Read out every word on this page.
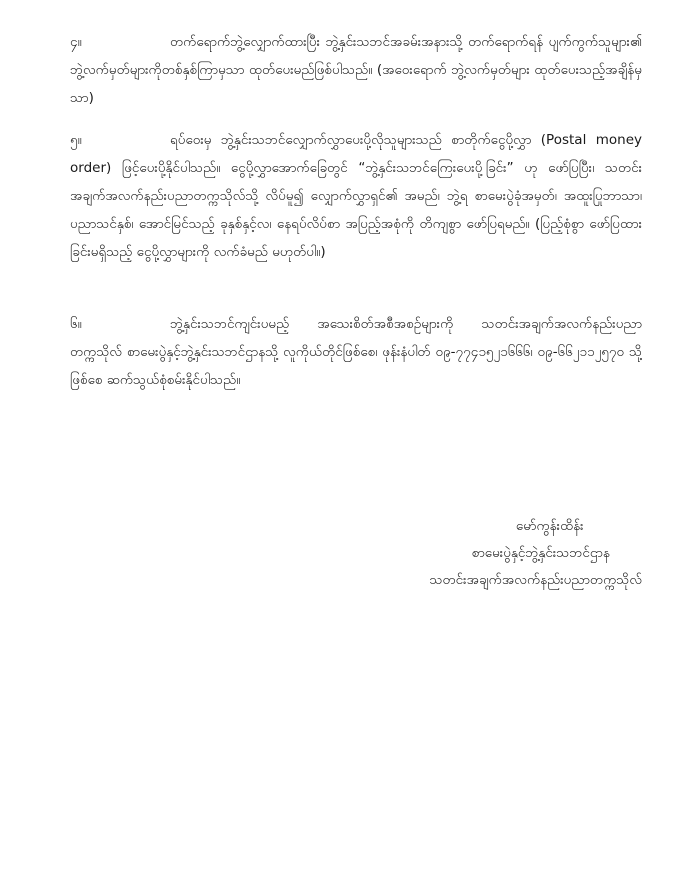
၄။	တက်ရောက်ဘွဲ့လျှောက်ထားပြီး ဘွဲ့နှင်းသဘင်အခမ်းအနားသို့ တက်ရောက်ရန် ပျက်ကွက်သူများ၏ ဘွဲ့လက်မှတ်များကိုတစ်နှစ်ကြာမှသာ ထုတ်ပေးမည်ဖြစ်ပါသည်။ (အဝေးရောက် ဘွဲ့လက်မှတ်များ ထုတ်ပေးသည့်အချိန်မှသာ)
၅။	ရပ်ဝေးမှ ဘွဲ့နှင်းသဘင်လျှောက်လွှာပေးပို့လိုသူများသည် စာတိုက်ငွေပို့လွှာ (Postal money order) ဖြင့်ပေးပို့နိုင်ပါသည်။ ငွေပို့လွှာအောက်ခြေတွင် “ဘွဲ့နှင်းသဘင်ကြေးပေးပို့ခြင်း” ဟု ဖော်ပြပြီး၊ သတင်းအချက်အလက်နည်းပညာတက္ကသိုလ်သို့ လိပ်မူ၍ လျှောက်လွှာရှင်၏ အမည်၊ ဘွဲ့ရ စာမေးပွဲခုံအမှတ်၊ အထူးပြုဘာသာ၊ ပညာသင်နှစ်၊ အောင်မြင်သည့် ခုနှစ်နှင့်လ၊ နေရပ်လိပ်စာ အပြည့်အစုံကို တိကျစွာ ဖော်ပြရမည်။ (ပြည့်စုံစွာ ဖော်ပြထားခြင်းမရှိသည့် ငွေပို့လွှာများကို လက်ခံမည် မဟုတ်ပါ။)
၆။	ဘွဲ့နှင်းသဘင်ကျင်းပမည့် အသေးစိတ်အစီအစဉ်များကို သတင်းအချက်အလက်နည်းပညာ တက္ကသိုလ် စာမေးပွဲနှင့်ဘွဲ့နှင်းသဘင်ဌာနသို့ လူကိုယ်တိုင်ဖြစ်စေ၊ ဖုန်းနံပါတ် ၀၉-၇၇၄၁၅၂၁၆၆၆၊ ၀၉-၆၆၂၁၁၂၅၇၀ သို့ဖြစ်စေ ဆက်သွယ်စုံစမ်းနိုင်ပါသည်။
မော်ကွန်းထိန်း
စာမေးပွဲနှင့်ဘွဲ့နှင်းသဘင်ဌာန
သတင်းအချက်အလက်နည်းပညာတက္ကသိုလ်
